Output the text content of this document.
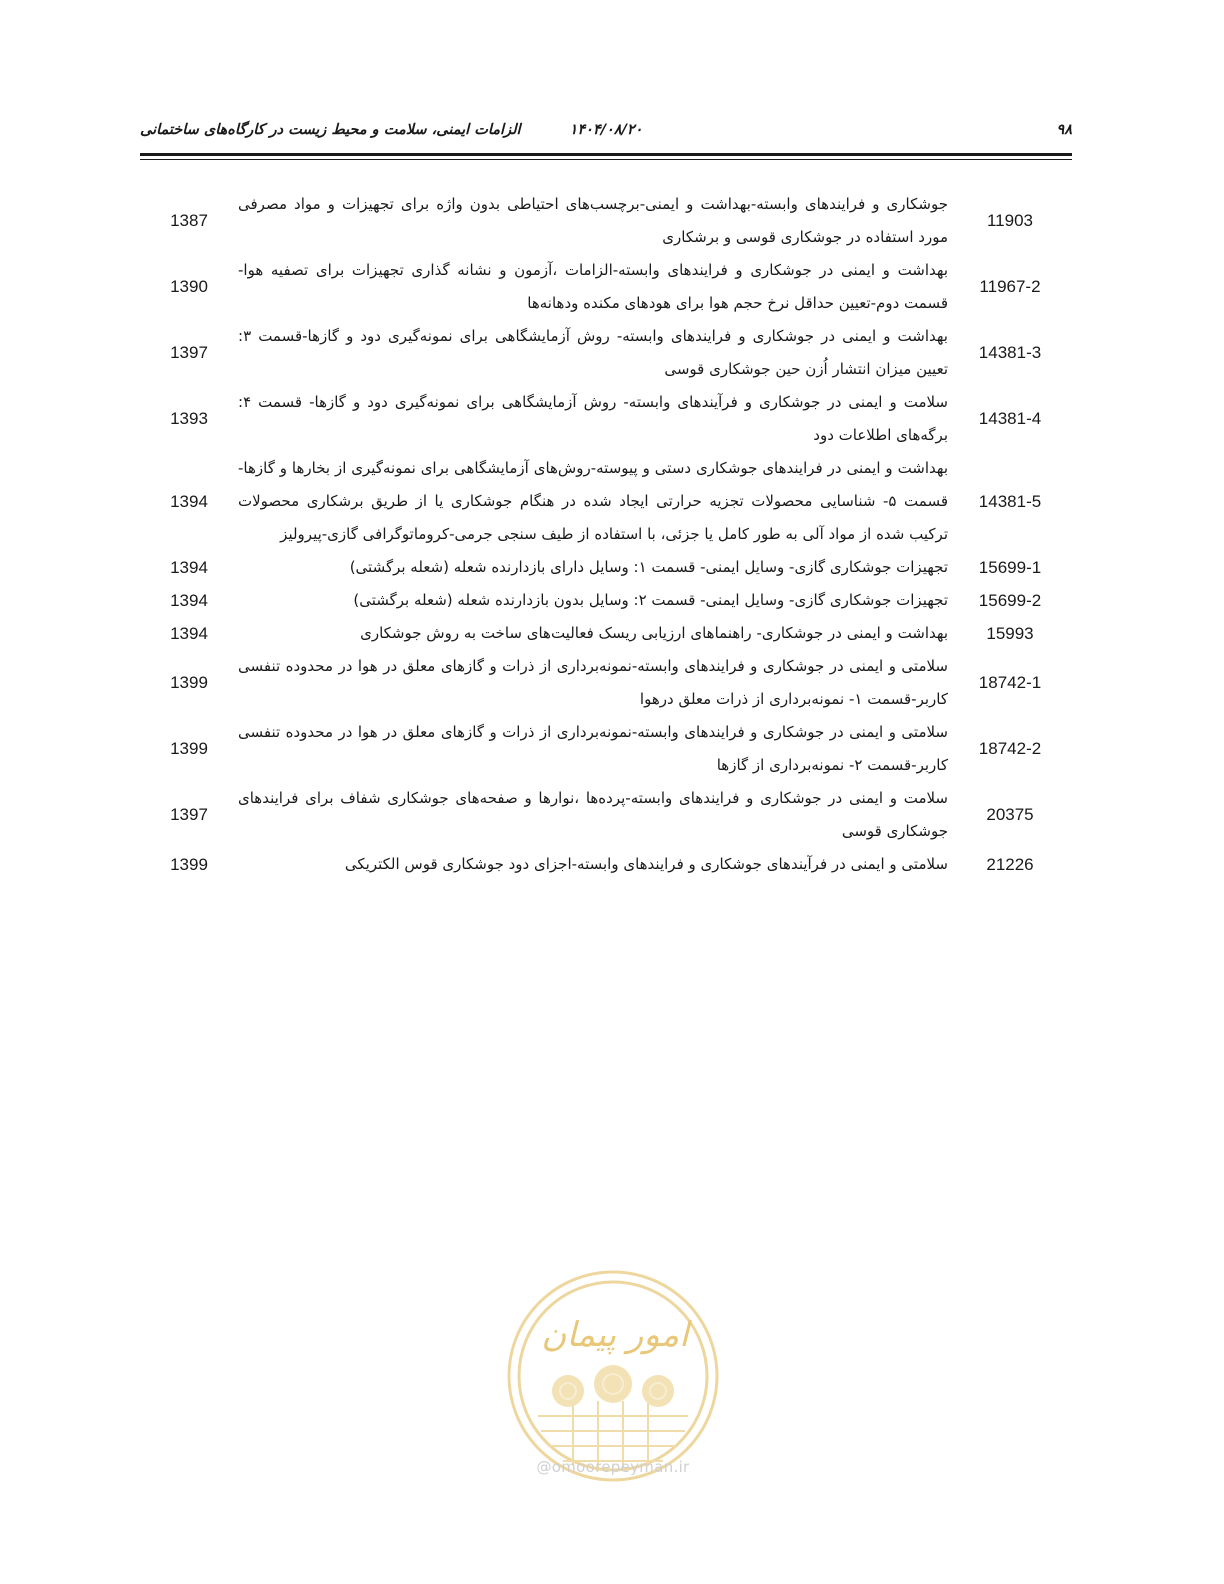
۹۸
۱۴۰۴/۰۸/۲۰
الزامات ایمنی، سلامت و محیط زیست در کارگاه‌های ساختمانی
11903	جوشکاری و فرایندهای وابسته-بهداشت و ایمنی-برچسب‌های احتیاطی بدون واژه برای تجهیزات و مواد مصرفی مورد استفاده در جوشکاری قوسی و برشکاری	1387
11967-2	بهداشت و ایمنی در جوشکاری و فرایندهای وابسته-الزامات ،آزمون و نشانه گذاری تجهیزات برای تصفیه هوا-قسمت دوم-تعیین حداقل نرخ حجم هوا برای هودهای مکنده ودهانه‌ها	1390
14381-3	بهداشت و ایمنی در جوشکاری و فرایندهای وابسته- روش آزمایشگاهی برای نمونه‌گیری دود و گازها-قسمت ۳: تعیین میزان انتشار اُزن حین جوشکاری قوسی	1397
14381-4	سلامت و ایمنی در جوشکاری و فرآیندهای وابسته- روش آزمایشگاهی برای نمونه‌گیری دود و گازها- قسمت ۴: برگه‌های اطلاعات دود	1393
14381-5	بهداشت و ایمنی در فرایندهای جوشکاری دستی و پیوسته-روش‌های آزمایشگاهی برای نمونه‌گیری از بخارها و گازها-قسمت ۵- شناسایی محصولات تجزیه حرارتی ایجاد شده در هنگام جوشکاری یا از طریق برشکاری محصولات ترکیب شده از مواد آلی به طور کامل یا جزئی، با استفاده از طیف سنجی جرمی-کروماتوگرافی گازی-پیرولیز	1394
15699-1	تجهیزات جوشکاری گازی- وسایل ایمنی- قسمت ۱: وسایل دارای بازدارنده شعله (شعله برگشتی)	1394
15699-2	تجهیزات جوشکاری گازی- وسایل ایمنی- قسمت ۲: وسایل بدون بازدارنده شعله (شعله برگشتی)	1394
15993	بهداشت و ایمنی در جوشکاری- راهنماهای ارزیابی ریسک فعالیت‌های ساخت به روش جوشکاری	1394
18742-1	سلامتی و ایمنی در جوشکاری و فرایندهای وابسته-نمونه‌برداری از ذرات و گازهای معلق در هوا در محدوده تنفسی کاربر-قسمت ۱- نمونه‌برداری از ذرات معلق درهوا	1399
18742-2	سلامتی و ایمنی در جوشکاری و فرایندهای وابسته-نمونه‌برداری از ذرات و گازهای معلق در هوا در محدوده تنفسی کاربر-قسمت ۲- نمونه‌برداری از گازها	1399
20375	سلامت و ایمنی در جوشکاری و فرایندهای وابسته-پرده‌ها ،نوارها و صفحه‌های جوشکاری شفاف برای فرایندهای جوشکاری قوسی	1397
21226	سلامتی و ایمنی در فرآیندهای جوشکاری و فرایندهای وابسته-اجزای دود جوشکاری قوس الکتریکی	1399
امور پیمان
@omoorepeyman.ir
